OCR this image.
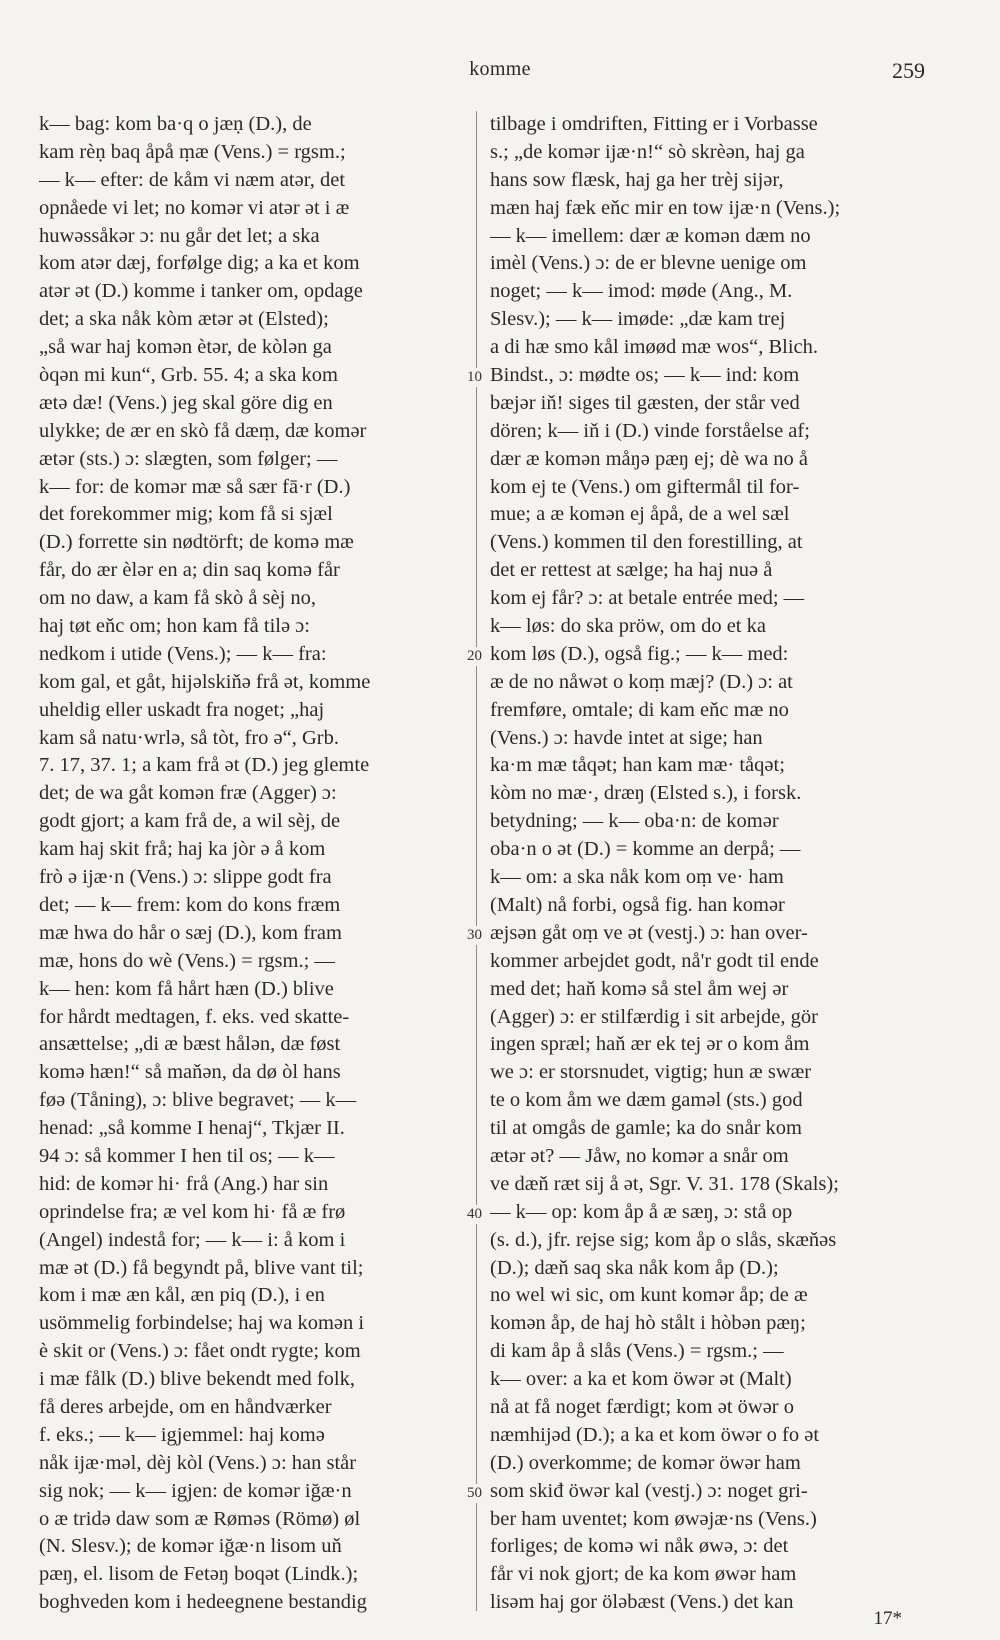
komme	259
k— bag: kom ba·q o jæṇ (D.), de
kam rèṇ baq åpå ṃæ (Vens.) = rgsm.;
— k— efter: de kåm vi næm atər, det
opnåede vi let; no komər vi atər ət i æ
huwəssåkər ɔ: nu går det let; a ska
kom atər dæj, forfølge dig; a ka et kom
atər ət (D.) komme i tanker om, opdage
det; a ska nåk kòm ætər ət (Elsted);
„så war haj komən ètər, de kòlən ga
òqən mi kun“, Grb. 55. 4; a ska kom
ætə dæ! (Vens.) jeg skal göre dig en
ulykke; de ær en skò få dæṃ, dæ komər
ætər (sts.) ɔ: slægten, som følger; —
k— for: de komər mæ så sær fā·r (D.)
det forekommer mig; kom få si sjæl
(D.) forrette sin nødtörft; de komə mæ
får, do ær èlər en a; din saq komə får
om no daw, a kam få skò å sèj no,
haj tøt eňc om; hon kam få tilə ɔ:
nedkom i utide (Vens.); — k— fra:
kom gal, et gåt, hijəlskiňə frå ət, komme
uheldig eller uskadt fra noget; „haj
kam så natu·wrlə, så tòt, fro ə“, Grb.
7. 17, 37. 1; a kam frå ət (D.) jeg glemte
det; de wa gåt komən fræ (Agger) ɔ:
godt gjort; a kam frå de, a wil sèj, de
kam haj skit frå; haj ka jòr ə å kom
frò ə ijæ·n (Vens.) ɔ: slippe godt fra
det; — k— frem: kom do kons fræm
mæ hwa do hår o sæj (D.), kom fram
mæ, hons do wè (Vens.) = rgsm.; —
k— hen: kom få hårt hæn (D.) blive
for hårdt medtagen, f. eks. ved skatte-
ansættelse; „di æ bæst hålən, dæ føst
komə hæn!“ så maňən, da dø òl hans
føə (Tåning), ɔ: blive begravet; — k—
henad: „så komme I henaj“, Tkjær II.
94 ɔ: så kommer I hen til os; — k—
hid: de komər hi· frå (Ang.) har sin
oprindelse fra; æ vel kom hi· få æ frø
(Angel) indestå for; — k— i: å kom i
mæ ət (D.) få begyndt på, blive vant til;
kom i mæ æn kål, æn piq (D.), i en
usömmelig forbindelse; haj wa komən i
è skit or (Vens.) ɔ: fået ondt rygte; kom
i mæ fålk (D.) blive bekendt med folk,
få deres arbejde, om en håndværker
f. eks.; — k— igjemmel: haj komə
nåk ijæ·məl, dèj kòl (Vens.) ɔ: han står
sig nok; — k— igjen: de komər iğæ·n
o æ tridə daw som æ Røməs (Römø) øl
(N. Slesv.); de komər iğæ·n lisom uň
pæŋ, el. lisom de Fetəŋ boqət (Lindk.);
boghveden kom i hedeegnene bestandig
tilbage i omdriften, Fitting er i Vorbasse
s.; „de komər ijæ·n!“ sò skrèən, haj ga
hans sow flæsk, haj ga her trèj sijər,
mæn haj fæk eňc mir en tow ijæ·n (Vens.);
— k— imellem: dær æ komən dæm no
imèl (Vens.) ɔ: de er blevne uenige om
noget; — k— imod: møde (Ang., M.
Slesv.); — k— imøde: „dæ kam trej
a di hæ smo kål imøød mæ wos“, Blich.
Bindst., ɔ: mødte os; — k— ind: kom
bæjər iň! siges til gæsten, der står ved
dören; k— iň i (D.) vinde forståelse af;
dær æ komən måŋə pæŋ ej; dè wa no å
kom ej te (Vens.) om giftermål til for-
mue; a æ komən ej åpå, de a wel sæl
(Vens.) kommen til den forestilling, at
det er rettest at sælge; ha haj nuə å
kom ej får? ɔ: at betale entrée med; —
k— løs: do ska pröw, om do et ka
kom løs (D.), også fig.; — k— med:
æ de no nåwət o koṃ mæj? (D.) ɔ: at
fremføre, omtale; di kam eňc mæ no
(Vens.) ɔ: havde intet at sige; han
ka·m mæ tåqət; han kam mæ· tåqət;
kòm no mæ·, dræŋ (Elsted s.), i forsk.
betydning; — k— oba·n: de komər
oba·n o ət (D.) = komme an derpå; —
k— om: a ska nåk kom oṃ ve· ham
(Malt) nå forbi, også fig. han komər
æjsən gåt oṃ ve ət (vestj.) ɔ: han over-
kommer arbejdet godt, nå'r godt til ende
med det; haň komə så stel åm wej ər
(Agger) ɔ: er stilfærdig i sit arbejde, gör
ingen spræl; haň ær ek tej ər o kom åm
we ɔ: er storsnudet, vigtig; hun æ swær
te o kom åm we dæm gaməl (sts.) god
til at omgås de gamle; ka do snår kom
ætər ət? — Jåw, no komər a snår om
ve dæň ræt sij å ət, Sgr. V. 31. 178 (Skals);
— k— op: kom åp å æ sæŋ, ɔ: stå op
(s. d.), jfr. rejse sig; kom åp o slås, skæňəs
(D.); dæň saq ska nåk kom åp (D.);
no wel wi sic, om kunt komər åp; de æ
komən åp, de haj hò stålt i hòbən pæŋ;
di kam åp å slås (Vens.) = rgsm.; —
k— over: a ka et kom öwər ət (Malt)
nå at få noget færdigt; kom ət öwər o
næmhijəd (D.); a ka et kom öwər o fo ət
(D.) overkomme; de komər öwər ham
som skiđ öwər kal (vestj.) ɔ: noget gri-
ber ham uventet; kom øwəjæ·ns (Vens.)
forliges; de komə wi nåk øwə, ɔ: det
får vi nok gjort; de ka kom øwər ham
lisəm haj gor öləbæst (Vens.) det kan
10
20
30
40
50
17*
